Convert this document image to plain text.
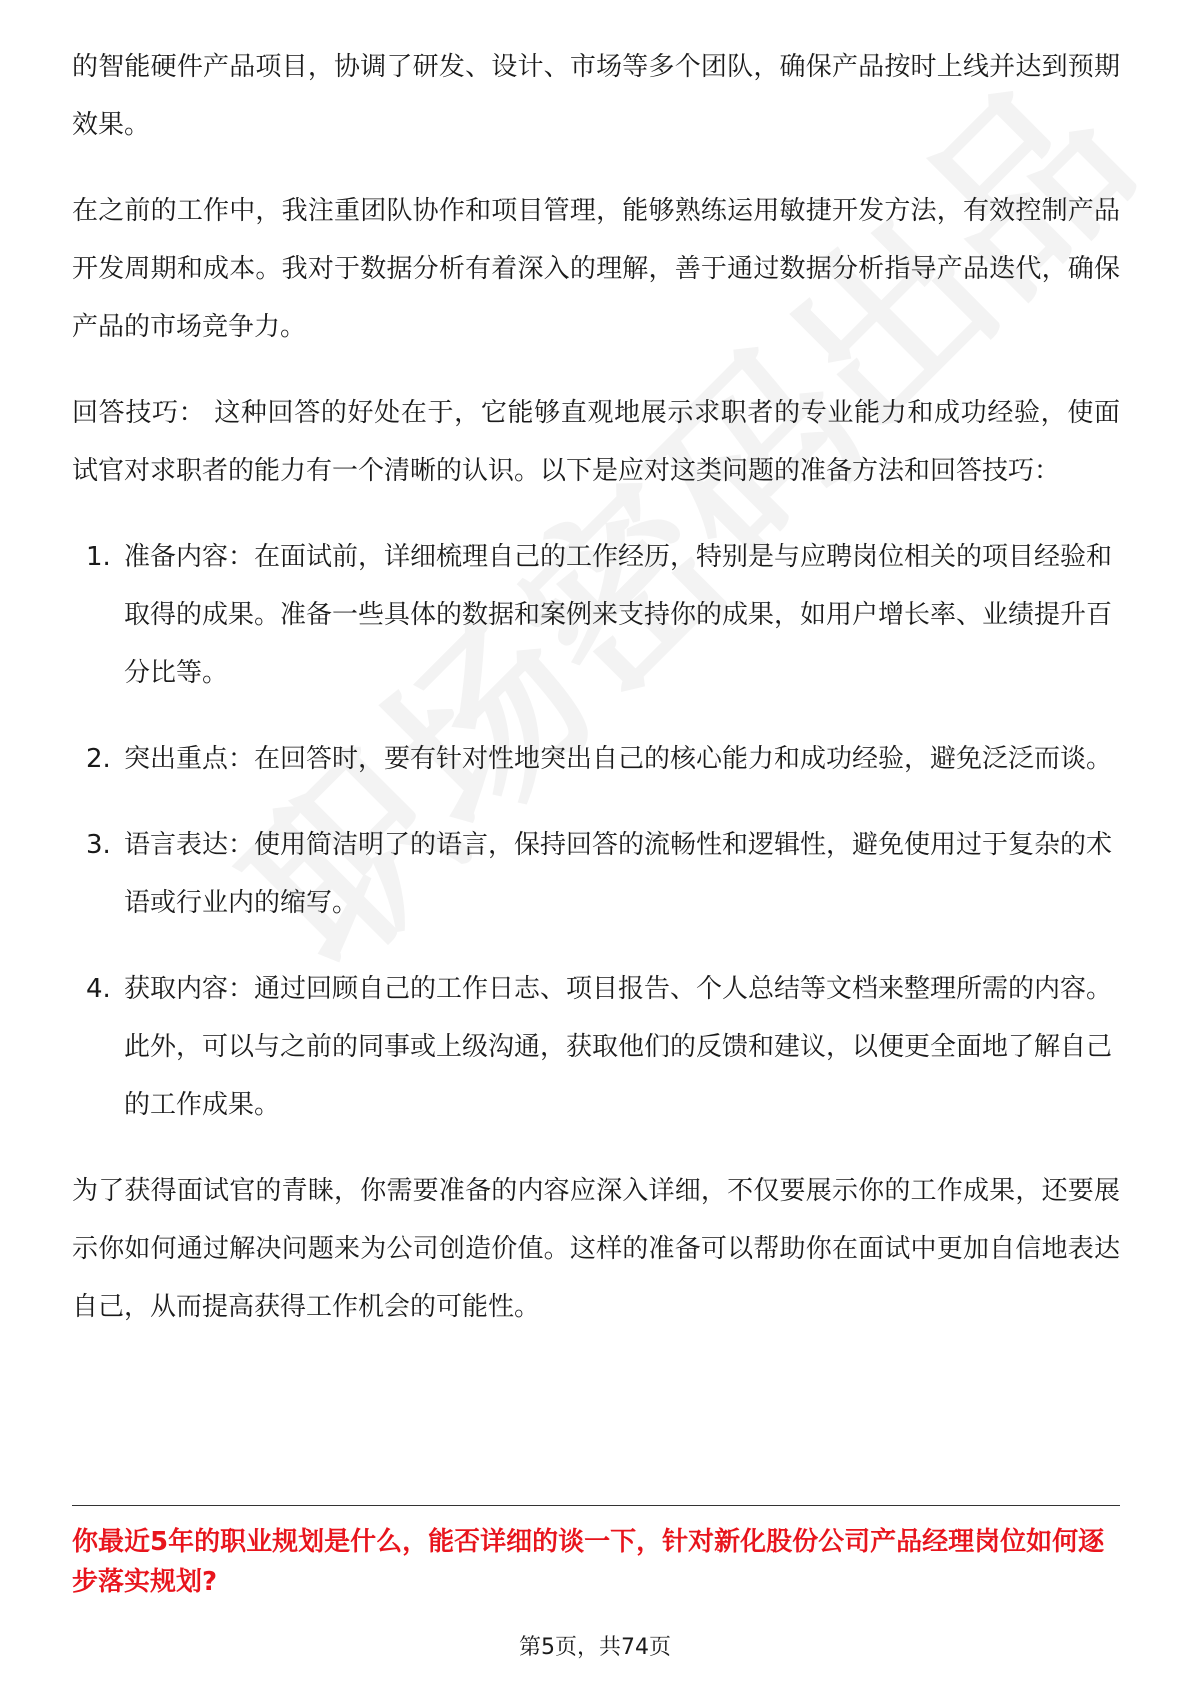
的智能硬件产品项目，协调了研发、设计、市场等多个团队，确保产品按时上线并达到预期效果。

在之前的工作中，我注重团队协作和项目管理，能够熟练运用敏捷开发方法，有效控制产品开发周期和成本。我对于数据分析有着深入的理解，善于通过数据分析指导产品迭代，确保产品的市场竞争力。

回答技巧： 这种回答的好处在于，它能够直观地展示求职者的专业能力和成功经验，使面试官对求职者的能力有一个清晰的认识。以下是应对这类问题的准备方法和回答技巧：

1. 准备内容：在面试前，详细梳理自己的工作经历，特别是与应聘岗位相关的项目经验和取得的成果。准备一些具体的数据和案例来支持你的成果，如用户增长率、业绩提升百分比等。
2. 突出重点：在回答时，要有针对性地突出自己的核心能力和成功经验，避免泛泛而谈。
3. 语言表达：使用简洁明了的语言，保持回答的流畅性和逻辑性，避免使用过于复杂的术语或行业内的缩写。
4. 获取内容：通过回顾自己的工作日志、项目报告、个人总结等文档来整理所需的内容。此外，可以与之前的同事或上级沟通，获取他们的反馈和建议，以便更全面地了解自己的工作成果。

为了获得面试官的青睐，你需要准备的内容应深入详细，不仅要展示你的工作成果，还要展示你如何通过解决问题来为公司创造价值。这样的准备可以帮助你在面试中更加自信地表达自己，从而提高获得工作机会的可能性。

你最近5年的职业规划是什么，能否详细的谈一下，针对新化股份公司产品经理岗位如何逐步落实规划?
第5页，共74页
